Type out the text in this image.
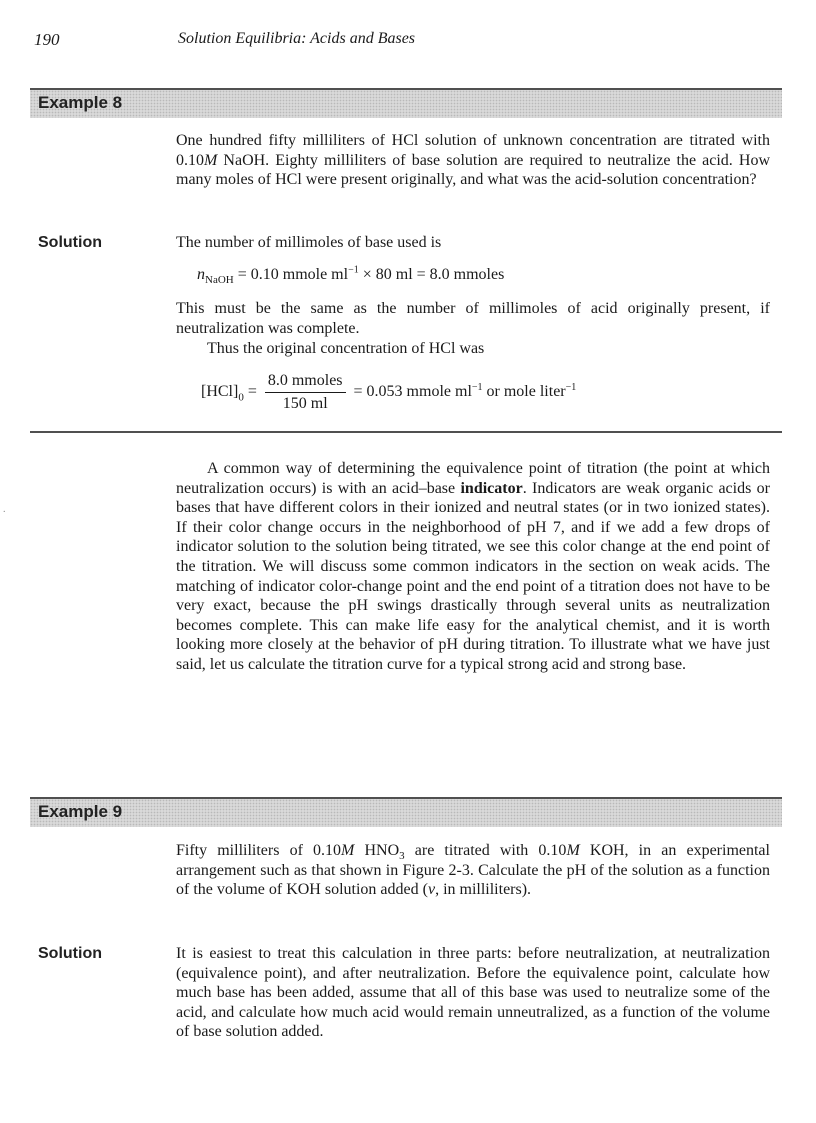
190	Solution Equilibria: Acids and Bases
Example 8

One hundred fifty milliliters of HCl solution of unknown concentration are titrated with 0.10M NaOH. Eighty milliliters of base solution are required to neutralize the acid. How many moles of HCl were present originally, and what was the acid-solution concentration?

Solution	The number of millimoles of base used is

$n_{NaOH} = 0.10$ mmole $ml^{-1} \times 80$ ml = 8.0 mmoles

This must be the same as the number of millimoles of acid originally present, if neutralization was complete.

Thus the original concentration of HCl was

$[HCl]_0 = \frac{\text{8.0 mmoles}}{150 ml} = 0.053$ mmole $ml^{-1}$ or mole liter$^{-1}$

A common way of determining the equivalence point of titration (the point at which neutralization occurs) is with an acid–base indicator. Indicators are weak organic acids or bases that have different colors in their ionized and neutral states (or in two ionized states). If their color change occurs in the neighborhood of pH 7, and if we add a few drops of indicator solution to the solution being titrated, we see this color change at the end point of the titration. We will discuss some common indicators in the section on weak acids. The matching of indicator color-change point and the end point of a titration does not have to be very exact, because the pH swings drastically through several units as neutralization becomes complete. This can make life easy for the analytical chemist, and it is worth looking more closely at the behavior of pH during titration. To illustrate what we have just said, let us calculate the titration curve for a typical strong acid and strong base.

.
Example 9

Fifty milliliters of 0.10M $HNO_3$ are titrated with 0.10M KOH, in an experimental arrangement such as that shown in Figure 2-3. Calculate the pH of the solution as a function of the volume of KOH solution added (v, in milliliters).

Solution	It is easiest to treat this calculation in three parts: before neutralization, at neutralization (equivalence point), and after neutralization. Before the equivalence point, calculate how much base has been added, assume that all of this base was used to neutralize some of the acid, and calculate how much acid would remain unneutralized, as a function of the volume of base solution added.
